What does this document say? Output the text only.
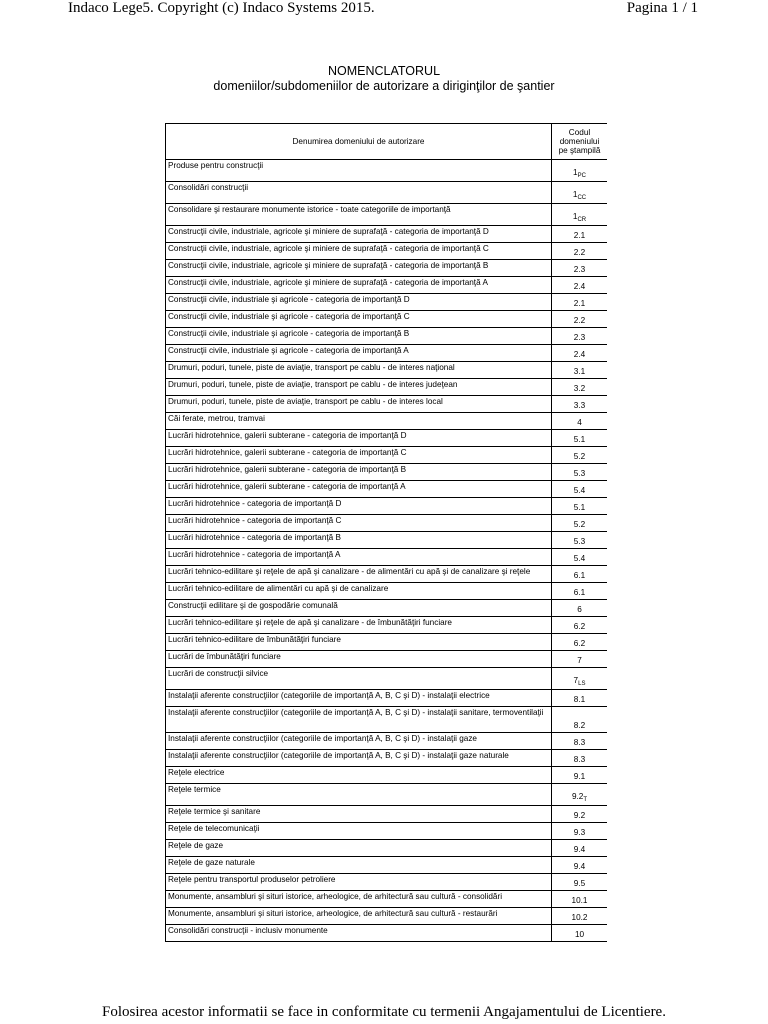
Indaco Lege5. Copyright (c) Indaco Systems 2015.	Pagina 1 / 1
NOMENCLATORUL
domeniilor/subdomeniilor de autorizare a diriginţilor de şantier
Denumirea domeniului de autorizare	Codul
domeniului
pe ştampilă

Produse pentru construcţii	$1_{PC}$
Consolidări construcţii	$1_{CC}$
Consolidare şi restaurare monumente istorice - toate categoriile de importanţă	$1_{CR}$
Construcţii civile, industriale, agricole şi miniere de suprafaţă - categoria de importanţă D	2.1
Construcţii civile, industriale, agricole şi miniere de suprafaţă - categoria de importanţă C	2.2
Construcţii civile, industriale, agricole şi miniere de suprafaţă - categoria de importanţă B	2.3
Construcţii civile, industriale, agricole şi miniere de suprafaţă - categoria de importanţă A	2.4
Construcţii civile, industriale şi agricole - categoria de importanţă D	2.1
Construcţii civile, industriale şi agricole - categoria de importanţă C	2.2
Construcţii civile, industriale şi agricole - categoria de importanţă B	2.3
Construcţii civile, industriale şi agricole - categoria de importanţă A	2.4
Drumuri, poduri, tunele, piste de aviaţie, transport pe cablu - de interes naţional	3.1
Drumuri, poduri, tunele, piste de aviaţie, transport pe cablu - de interes judeţean	3.2
Drumuri, poduri, tunele, piste de aviaţie, transport pe cablu - de interes local	3.3
Căi ferate, metrou, tramvai	4
Lucrări hidrotehnice, galerii subterane - categoria de importanţă D	5.1
Lucrări hidrotehnice, galerii subterane - categoria de importanţă C	5.2
Lucrări hidrotehnice, galerii subterane - categoria de importanţă B	5.3
Lucrări hidrotehnice, galerii subterane - categoria de importanţă A	5.4
Lucrări hidrotehnice - categoria de importanţă D	5.1
Lucrări hidrotehnice - categoria de importanţă C	5.2
Lucrări hidrotehnice - categoria de importanţă B	5.3
Lucrări hidrotehnice - categoria de importanţă A	5.4
Lucrări tehnico-edilitare şi reţele de apă şi canalizare - de alimentări cu apă şi de canalizare şi reţele	6.1
Lucrări tehnico-edilitare de alimentări cu apă şi de canalizare	6.1
Construcţii edilitare şi de gospodărie comunală	6
Lucrări tehnico-edilitare şi reţele de apă şi canalizare - de îmbunătăţiri funciare	6.2
Lucrări tehnico-edilitare de îmbunătăţiri funciare	6.2
Lucrări de îmbunătăţiri funciare	7
Lucrări de construcţii silvice	$7_{LS}$
Instalaţii aferente construcţiilor (categoriile de importanţă A, B, C şi D) - instalaţii electrice	8.1
Instalaţii aferente construcţiilor (categoriile de importanţă A, B, C şi D) - instalaţii sanitare, termoventilaţii	8.2
Instalaţii aferente construcţiilor (categoriile de importanţă A, B, C şi D) - instalaţii gaze	8.3
Instalaţii aferente construcţiilor (categoriile de importanţă A, B, C şi D) - instalaţii gaze naturale	8.3
Reţele electrice	9.1
Reţele termice	$9.2_T$
Reţele termice şi sanitare	9.2
Reţele de telecomunicaţii	9.3
Reţele de gaze	9.4
Reţele de gaze naturale	9.4
Reţele pentru transportul produselor petroliere	9.5
Monumente, ansambluri şi situri istorice, arheologice, de arhitectură sau cultură - consolidări	10.1
Monumente, ansambluri şi situri istorice, arheologice, de arhitectură sau cultură - restaurări	10.2
Consolidări construcţii - inclusiv monumente	10
Folosirea acestor informatii se face in conformitate cu termenii Angajamentului de Licentiere.
